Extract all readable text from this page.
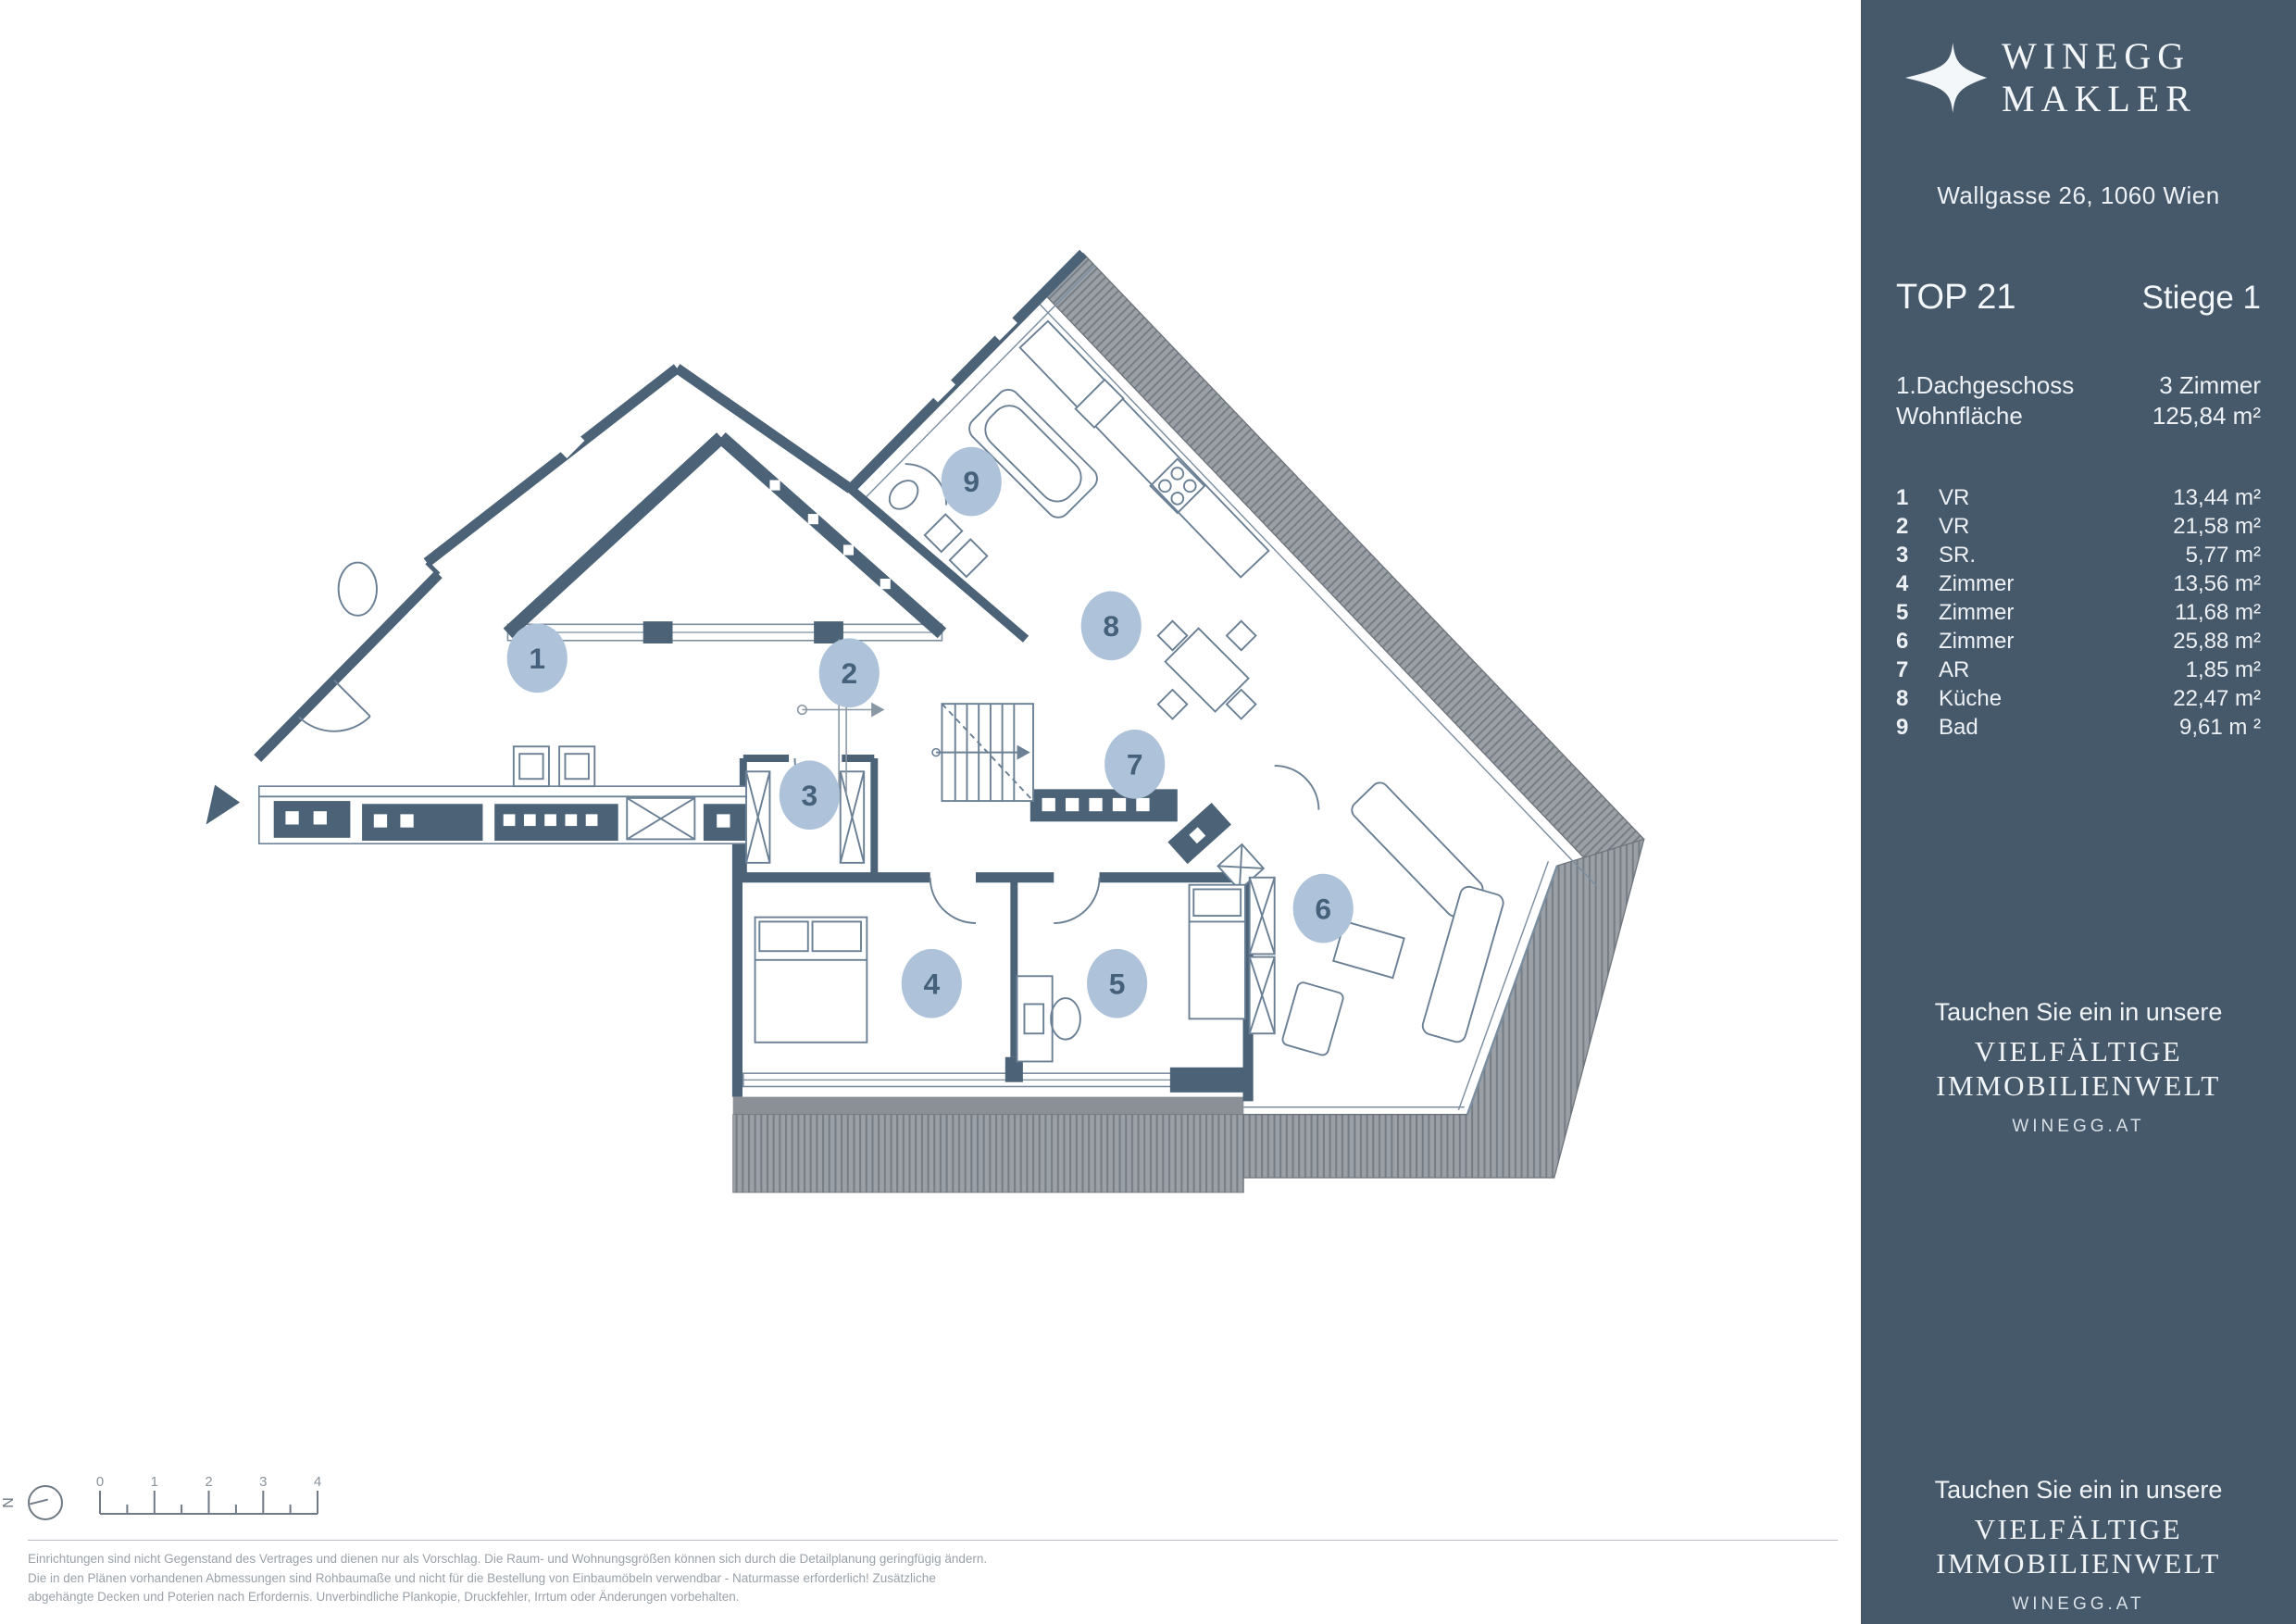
1	2
3
4	5
6
7
8
9
N
0	1	2	3	4
Einrichtungen sind nicht Gegenstand des Vertrages und dienen nur als Vorschlag. Die Raum- und Wohnungsgrößen können sich durch die Detailplanung geringfügig ändern.
Die in den Plänen vorhandenen Abmessungen sind Rohbaumaße und nicht für die Bestellung von Einbaumöbeln verwendbar - Naturmasse erforderlich! Zusätzliche
abgehängte Decken und Poterien nach Erfordernis. Unverbindliche Plankopie, Druckfehler, Irrtum oder Änderungen vorbehalten.
WINEGG
MAKLER
Wallgasse 26, 1060 Wien
TOP 21	Stiege 1
1.Dachgeschoss	3 Zimmer
Wohnfläche	125,84 m²
1	VR	13,44 m²
2	VR	21,58 m²
3	SR.	5,77 m²
4	Zimmer	13,56 m²
5	Zimmer	11,68 m²
6	Zimmer	25,88 m²
7	AR	1,85 m²
8	Küche	22,47 m²
9	Bad	9,61 m ²
Tauchen Sie ein in unsere
VIELFÄLTIGE
IMMOBILIENWELT
WINEGG.AT
Tauchen Sie ein in unsere
VIELFÄLTIGE
IMMOBILIENWELT
WINEGG.AT
